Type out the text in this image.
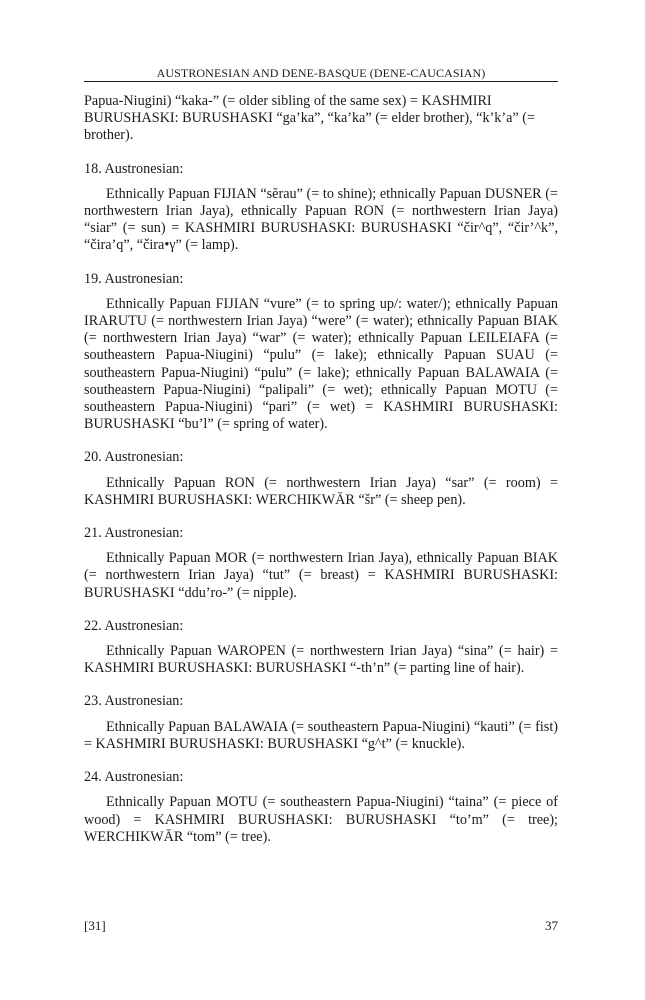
AUSTRONESIAN AND DENE-BASQUE (DENE-CAUCASIAN)

Papua-Niugini) “kaka-” (= older sibling of the same sex) = KASHMIRI BURUSHASKI: BURUSHASKI “ga’ka”, “ka’ka” (= elder brother), “k’k’a” (= brother).

18. Austronesian:

Ethnically Papuan FIJIAN “sĕrau” (= to shine); ethnically Papuan DUSNER (= northwestern Irian Jaya), ethnically Papuan RON (= northwestern Irian Jaya) “siar” (= sun) = KASHMIRI BURUSHASKI: BURUSHASKI “čir^q”, “čir’^k”, “čira’q”, “čira•γ” (= lamp).

19. Austronesian:

Ethnically Papuan FIJIAN “vure” (= to spring up/: water/); ethnically Papuan IRARUTU (= northwestern Irian Jaya) “were” (= water); ethnically Papuan BIAK (= northwestern Irian Jaya) “war” (= water); ethnically Papuan LEILEIAFA (= southeastern Papua-Niugini) “pulu” (= lake); ethnically Papuan SUAU (= southeastern Papua-Niugini) “pulu” (= lake); ethnically Papuan BALAWAIA (= southeastern Papua-Niugini) “palipali” (= wet); ethnically Papuan MOTU (= southeastern Papua-Niugini) “pari” (= wet) = KASHMIRI BURUSHASKI: BURUSHASKI “bu’l” (= spring of water).

20. Austronesian:

Ethnically Papuan RON (= northwestern Irian Jaya) “sar” (= room) = KASHMIRI BURUSHASKI: WERCHIKWĀR “šr” (= sheep pen).

21. Austronesian:

Ethnically Papuan MOR (= northwestern Irian Jaya), ethnically Papuan BIAK (= northwestern Irian Jaya) “tut” (= breast) = KASHMIRI BURUSHASKI: BURUSHASKI “ddu’ro-” (= nipple).

22. Austronesian:

Ethnically Papuan WAROPEN (= northwestern Irian Jaya) “sina” (= hair) = KASHMIRI BURUSHASKI: BURUSHASKI “-th’n” (= parting line of hair).

23. Austronesian:

Ethnically Papuan BALAWAIA (= southeastern Papua-Niugini) “kauti” (= fist) = KASHMIRI BURUSHASKI: BURUSHASKI “g^t” (= knuckle).

24. Austronesian:

Ethnically Papuan MOTU (= southeastern Papua-Niugini) “taina” (= piece of wood) = KASHMIRI BURUSHASKI: BURUSHASKI “to’m” (= tree); WERCHIKWĀR “tom” (= tree).

[31]	37
